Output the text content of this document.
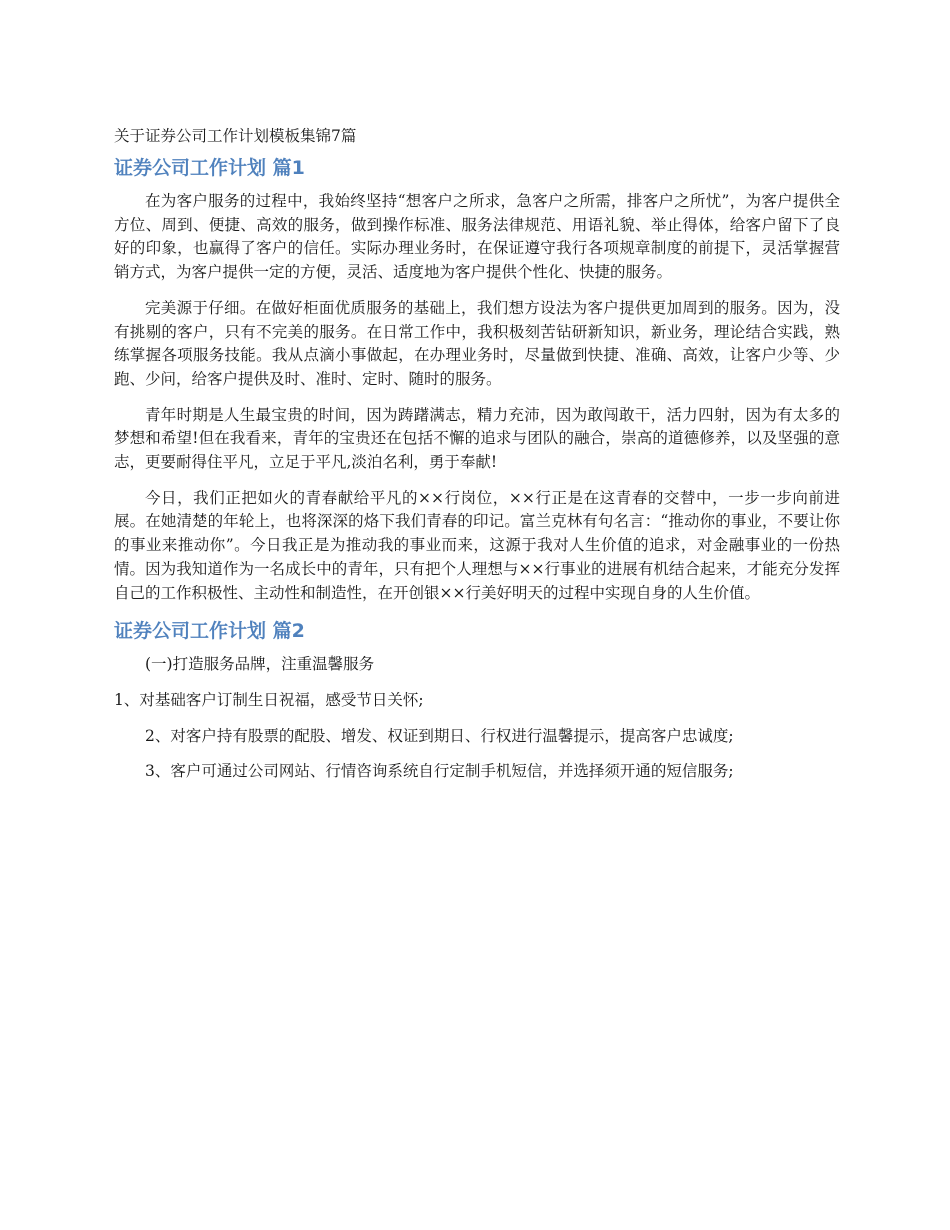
关于证券公司工作计划模板集锦7篇
证券公司工作计划 篇1

在为客户服务的过程中，我始终坚持“想客户之所求，急客户之所需，排客户之所忧”，为客户提供全方位、周到、便捷、高效的服务，做到操作标准、服务法律规范、用语礼貌、举止得体，给客户留下了良好的印象，也赢得了客户的信任。实际办理业务时，在保证遵守我行各项规章制度的前提下，灵活掌握营销方式，为客户提供一定的方便，灵活、适度地为客户提供个性化、快捷的服务。

完美源于仔细。在做好柜面优质服务的基础上，我们想方设法为客户提供更加周到的服务。因为，没有挑剔的客户，只有不完美的服务。在日常工作中，我积极刻苦钻研新知识，新业务，理论结合实践，熟练掌握各项服务技能。我从点滴小事做起，在办理业务时，尽量做到快捷、准确、高效，让客户少等、少跑、少问，给客户提供及时、准时、定时、随时的服务。

青年时期是人生最宝贵的时间，因为踌躇满志，精力充沛，因为敢闯敢干，活力四射，因为有太多的梦想和希望!但在我看来，青年的宝贵还在包括不懈的追求与团队的融合，崇高的道德修养，以及坚强的意志，更要耐得住平凡，立足于平凡,淡泊名利，勇于奉献!

今日，我们正把如火的青春献给平凡的××行岗位，××行正是在这青春的交替中，一步一步向前进展。在她清楚的年轮上，也将深深的烙下我们青春的印记。富兰克林有句名言：“推动你的事业，不要让你的事业来推动你”。今日我正是为推动我的事业而来，这源于我对人生价值的追求，对金融事业的一份热情。因为我知道作为一名成长中的青年，只有把个人理想与××行事业的进展有机结合起来，才能充分发挥自己的工作积极性、主动性和制造性，在开创银××行美好明天的过程中实现自身的人生价值。

证券公司工作计划 篇2

(一)打造服务品牌，注重温馨服务

1、对基础客户订制生日祝福，感受节日关怀;

2、对客户持有股票的配股、增发、权证到期日、行权进行温馨提示，提高客户忠诚度;

3、客户可通过公司网站、行情咨询系统自行定制手机短信，并选择须开通的短信服务;
